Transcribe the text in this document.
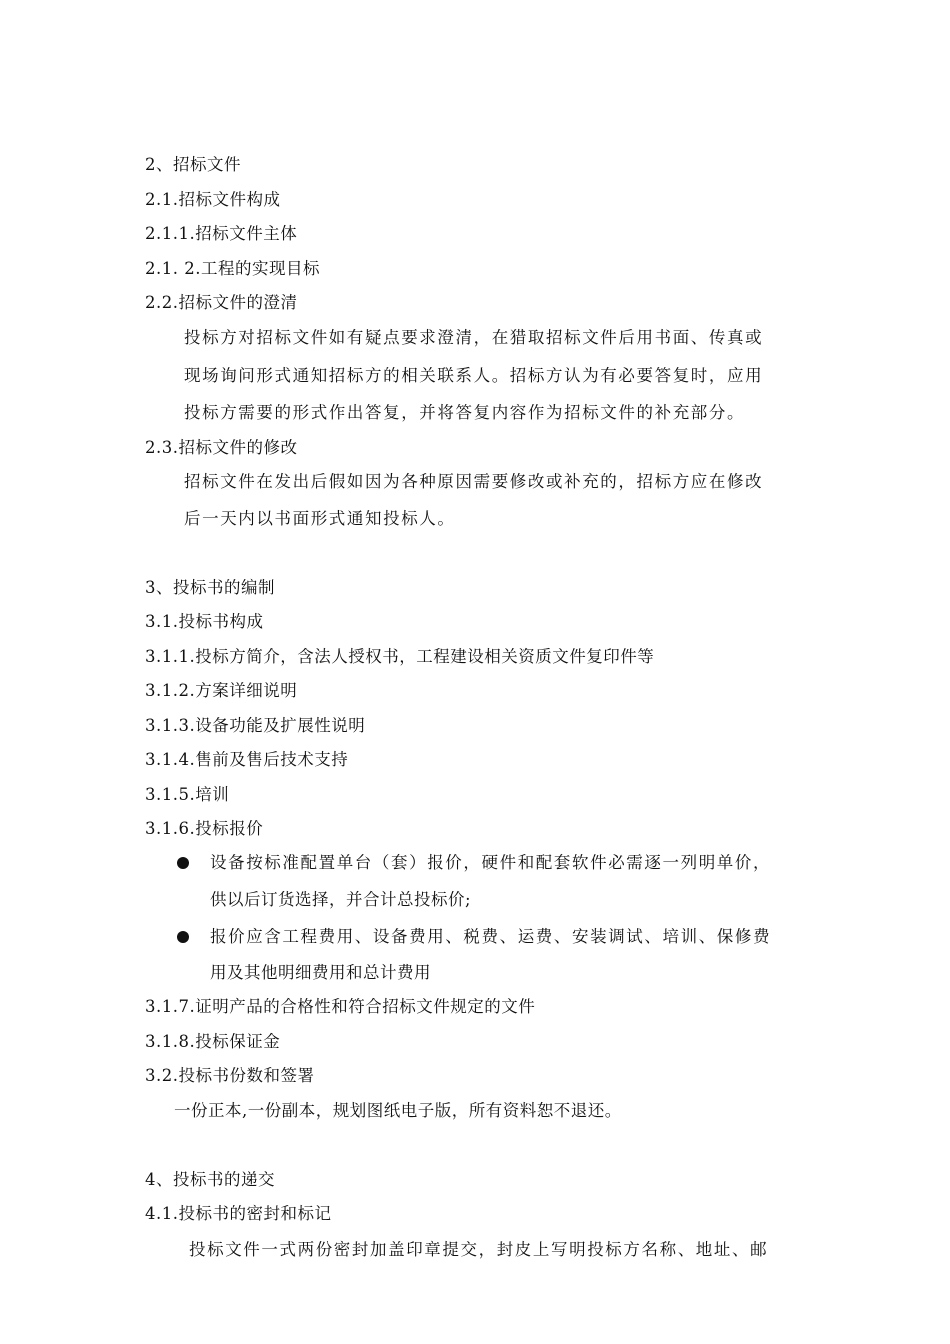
2、招标文件
2.1.招标文件构成
2.1.1.招标文件主体
2.1. 2.工程的实现目标
2.2.招标文件的澄清
投标方对招标文件如有疑点要求澄清，在猎取招标文件后用书面、传真或
现场询问形式通知招标方的相关联系人。招标方认为有必要答复时，应用
投标方需要的形式作出答复，并将答复内容作为招标文件的补充部分。
2.3.招标文件的修改
招标文件在发出后假如因为各种原因需要修改或补充的，招标方应在修改
后一天内以书面形式通知投标人。
3、投标书的编制
3.1.投标书构成
3.1.1.投标方简介，含法人授权书，工程建设相关资质文件复印件等
3.1.2.方案详细说明
3.1.3.设备功能及扩展性说明
3.1.4.售前及售后技术支持
3.1.5.培训
3.1.6.投标报价
设备按标准配置单台（套）报价，硬件和配套软件必需逐一列明单价，
供以后订货选择，并合计总投标价;
报价应含工程费用、设备费用、税费、运费、安装调试、培训、保修费
用及其他明细费用和总计费用
3.1.7.证明产品的合格性和符合招标文件规定的文件
3.1.8.投标保证金
3.2.投标书份数和签署
一份正本,一份副本，规划图纸电子版，所有资料恕不退还。
4、投标书的递交
4.1.投标书的密封和标记
投标文件一式两份密封加盖印章提交，封皮上写明投标方名称、地址、邮
